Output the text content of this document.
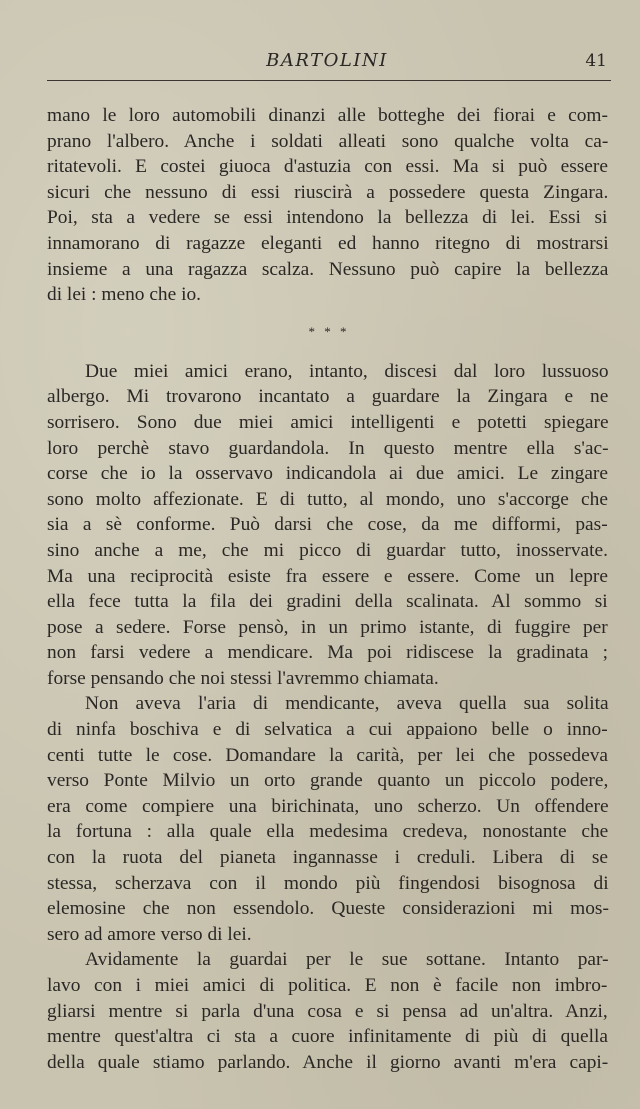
BARTOLINI	41

mano le loro automobili dinanzi alle botteghe dei fiorai e com-
prano l'albero. Anche i soldati alleati sono qualche volta ca-
ritatevoli. E costei giuoca d'astuzia con essi. Ma si può essere
sicuri che nessuno di essi riuscirà a possedere questa Zingara.
Poi, sta a vedere se essi intendono la bellezza di lei. Essi si
innamorano di ragazze eleganti ed hanno ritegno di mostrarsi
insieme a una ragazza scalza. Nessuno può capire la bellezza
di lei : meno che io.

* * *

Due miei amici erano, intanto, discesi dal loro lussuoso
albergo. Mi trovarono incantato a guardare la Zingara e ne
sorrisero. Sono due miei amici intelligenti e potetti spiegare
loro perchè stavo guardandola. In questo mentre ella s'ac-
corse che io la osservavo indicandola ai due amici. Le zingare
sono molto affezionate. E di tutto, al mondo, uno s'accorge che
sia a sè conforme. Può darsi che cose, da me difformi, pas-
sino anche a me, che mi picco di guardar tutto, inosservate.
Ma una reciprocità esiste fra essere e essere. Come un lepre
ella fece tutta la fila dei gradini della scalinata. Al sommo si
pose a sedere. Forse pensò, in un primo istante, di fuggire per
non farsi vedere a mendicare. Ma poi ridiscese la gradinata ;
forse pensando che noi stessi l'avremmo chiamata.

Non aveva l'aria di mendicante, aveva quella sua solita
di ninfa boschiva e di selvatica a cui appaiono belle o inno-
centi tutte le cose. Domandare la carità, per lei che possedeva
verso Ponte Milvio un orto grande quanto un piccolo podere,
era come compiere una birichinata, uno scherzo. Un offendere
la fortuna : alla quale ella medesima credeva, nonostante che
con la ruota del pianeta ingannasse i creduli. Libera di se
stessa, scherzava con il mondo più fingendosi bisognosa di
elemosine che non essendolo. Queste considerazioni mi mos-
sero ad amore verso di lei.

Avidamente la guardai per le sue sottane. Intanto par-
lavo con i miei amici di politica. E non è facile non imbro-
gliarsi mentre si parla d'una cosa e si pensa ad un'altra. Anzi,
mentre quest'altra ci sta a cuore infinitamente di più di quella
della quale stiamo parlando. Anche il giorno avanti m'era capi-
